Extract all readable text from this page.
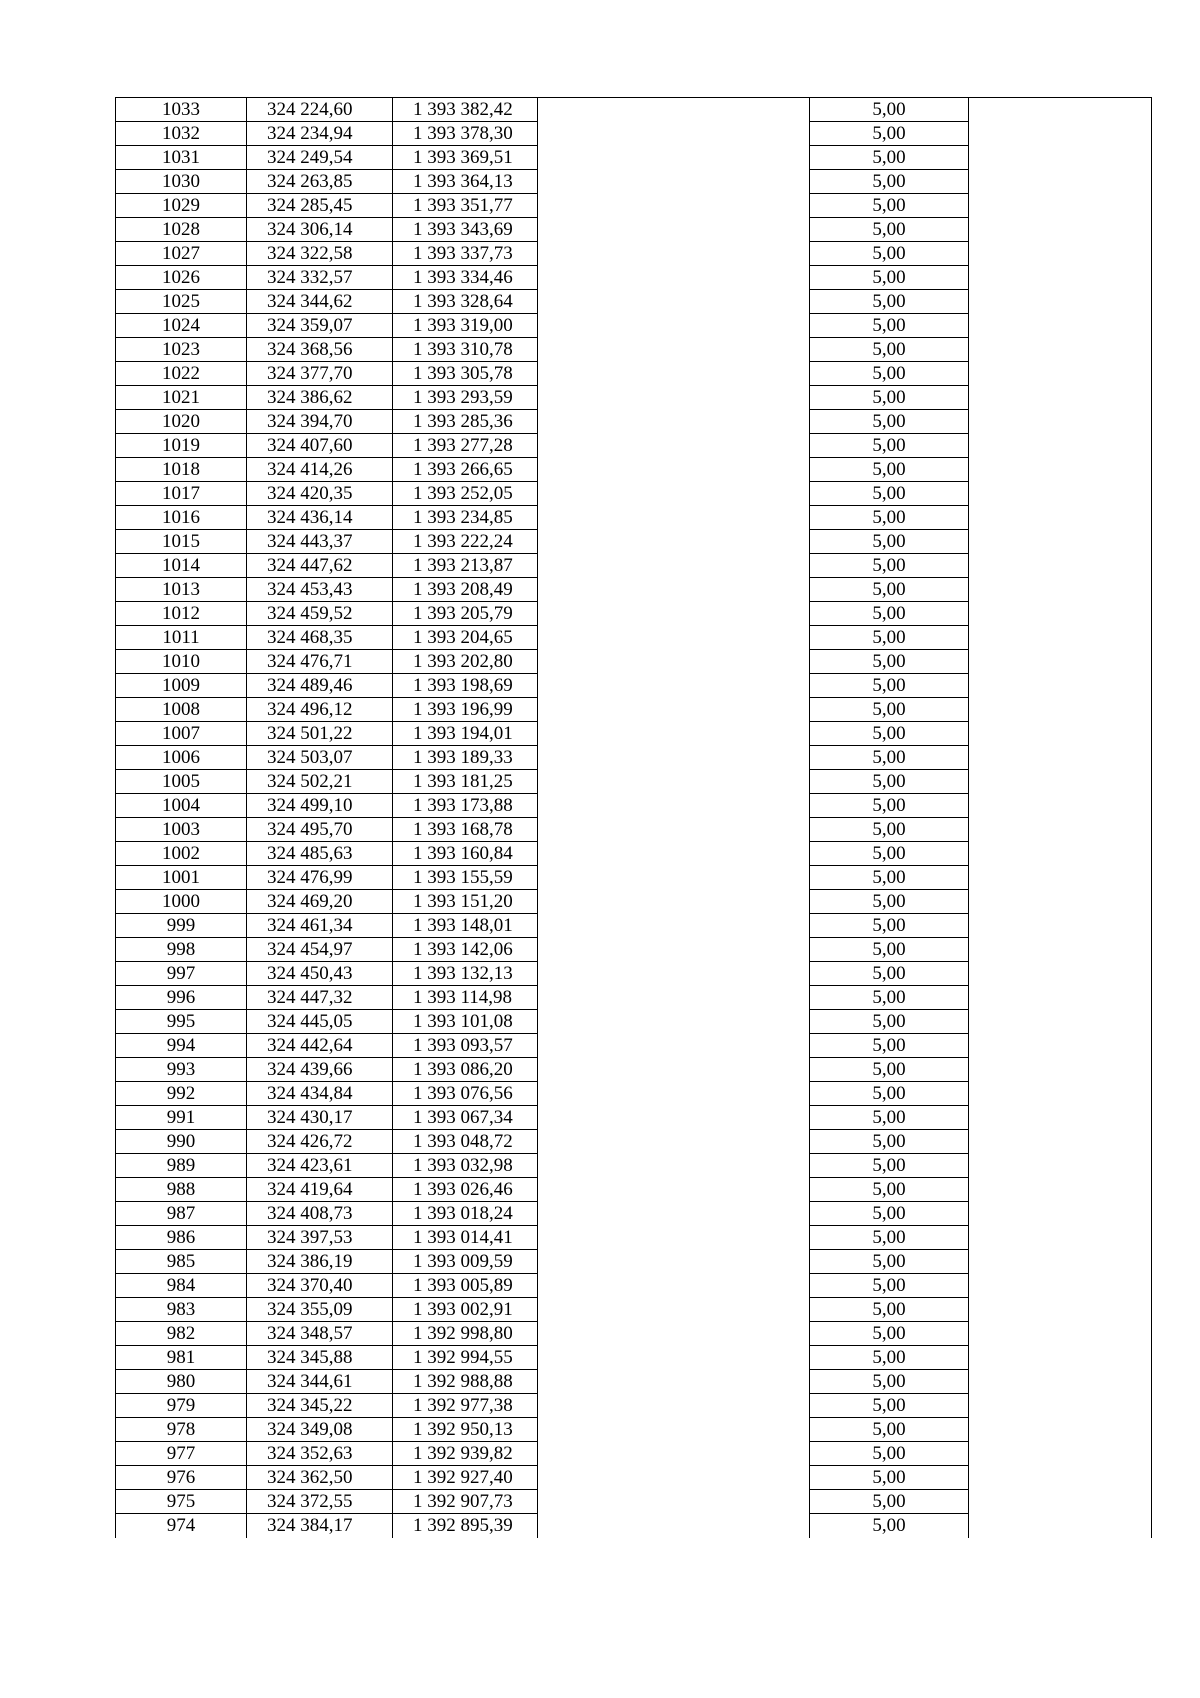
1033	324 224,60	1 393 382,42		5,00	
1032	324 234,94	1 393 378,30		5,00	
1031	324 249,54	1 393 369,51		5,00	
1030	324 263,85	1 393 364,13		5,00	
1029	324 285,45	1 393 351,77		5,00	
1028	324 306,14	1 393 343,69		5,00	
1027	324 322,58	1 393 337,73		5,00	
1026	324 332,57	1 393 334,46		5,00	
1025	324 344,62	1 393 328,64		5,00	
1024	324 359,07	1 393 319,00		5,00	
1023	324 368,56	1 393 310,78		5,00	
1022	324 377,70	1 393 305,78		5,00	
1021	324 386,62	1 393 293,59		5,00	
1020	324 394,70	1 393 285,36		5,00	
1019	324 407,60	1 393 277,28		5,00	
1018	324 414,26	1 393 266,65		5,00	
1017	324 420,35	1 393 252,05		5,00	
1016	324 436,14	1 393 234,85		5,00	
1015	324 443,37	1 393 222,24		5,00	
1014	324 447,62	1 393 213,87		5,00	
1013	324 453,43	1 393 208,49		5,00	
1012	324 459,52	1 393 205,79		5,00	
1011	324 468,35	1 393 204,65		5,00	
1010	324 476,71	1 393 202,80		5,00	
1009	324 489,46	1 393 198,69		5,00	
1008	324 496,12	1 393 196,99		5,00	
1007	324 501,22	1 393 194,01		5,00	
1006	324 503,07	1 393 189,33		5,00	
1005	324 502,21	1 393 181,25		5,00	
1004	324 499,10	1 393 173,88		5,00	
1003	324 495,70	1 393 168,78		5,00	
1002	324 485,63	1 393 160,84		5,00	
1001	324 476,99	1 393 155,59		5,00	
1000	324 469,20	1 393 151,20		5,00	
999	324 461,34	1 393 148,01		5,00	
998	324 454,97	1 393 142,06		5,00	
997	324 450,43	1 393 132,13		5,00	
996	324 447,32	1 393 114,98		5,00	
995	324 445,05	1 393 101,08		5,00	
994	324 442,64	1 393 093,57		5,00	
993	324 439,66	1 393 086,20		5,00	
992	324 434,84	1 393 076,56		5,00	
991	324 430,17	1 393 067,34		5,00	
990	324 426,72	1 393 048,72		5,00	
989	324 423,61	1 393 032,98		5,00	
988	324 419,64	1 393 026,46		5,00	
987	324 408,73	1 393 018,24		5,00	
986	324 397,53	1 393 014,41		5,00	
985	324 386,19	1 393 009,59		5,00	
984	324 370,40	1 393 005,89		5,00	
983	324 355,09	1 393 002,91		5,00	
982	324 348,57	1 392 998,80		5,00	
981	324 345,88	1 392 994,55		5,00	
980	324 344,61	1 392 988,88		5,00	
979	324 345,22	1 392 977,38		5,00	
978	324 349,08	1 392 950,13		5,00	
977	324 352,63	1 392 939,82		5,00	
976	324 362,50	1 392 927,40		5,00	
975	324 372,55	1 392 907,73		5,00	
974	324 384,17	1 392 895,39		5,00	
